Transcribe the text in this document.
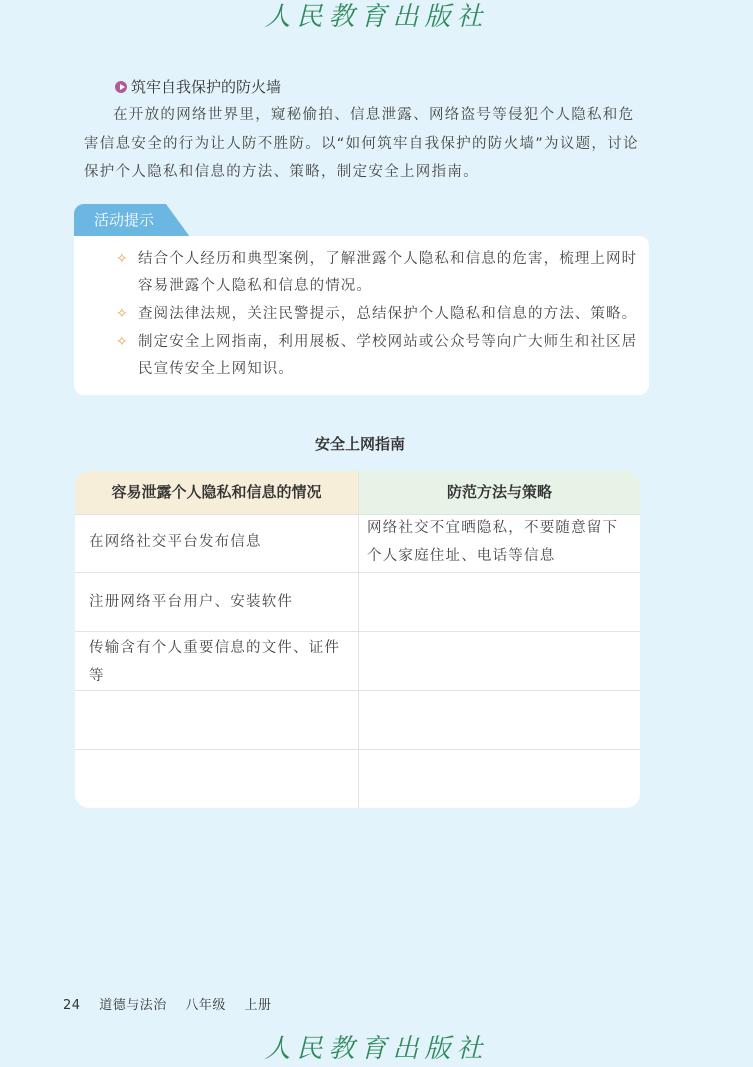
人民教育出版社
筑牢自我保护的防火墙

在开放的网络世界里，窥秘偷拍、信息泄露、网络盗号等侵犯个人隐私和危害信息安全的行为让人防不胜防。以“如何筑牢自我保护的防火墙”为议题，讨论保护个人隐私和信息的方法、策略，制定安全上网指南。

活动提示
✧ 结合个人经历和典型案例，了解泄露个人隐私和信息的危害，梳理上网时容易泄露个人隐私和信息的情况。
✧ 查阅法律法规，关注民警提示，总结保护个人隐私和信息的方法、策略。
✧ 制定安全上网指南，利用展板、学校网站或公众号等向广大师生和社区居民宣传安全上网知识。
安全上网指南
容易泄露个人隐私和信息的情况	防范方法与策略
在网络社交平台发布信息
网络社交不宜晒隐私，不要随意留下个人家庭住址、电话等信息
注册网络平台用户、安装软件
传输含有个人重要信息的文件、证件等
24 道德与法治 八年级 上册
人民教育出版社
